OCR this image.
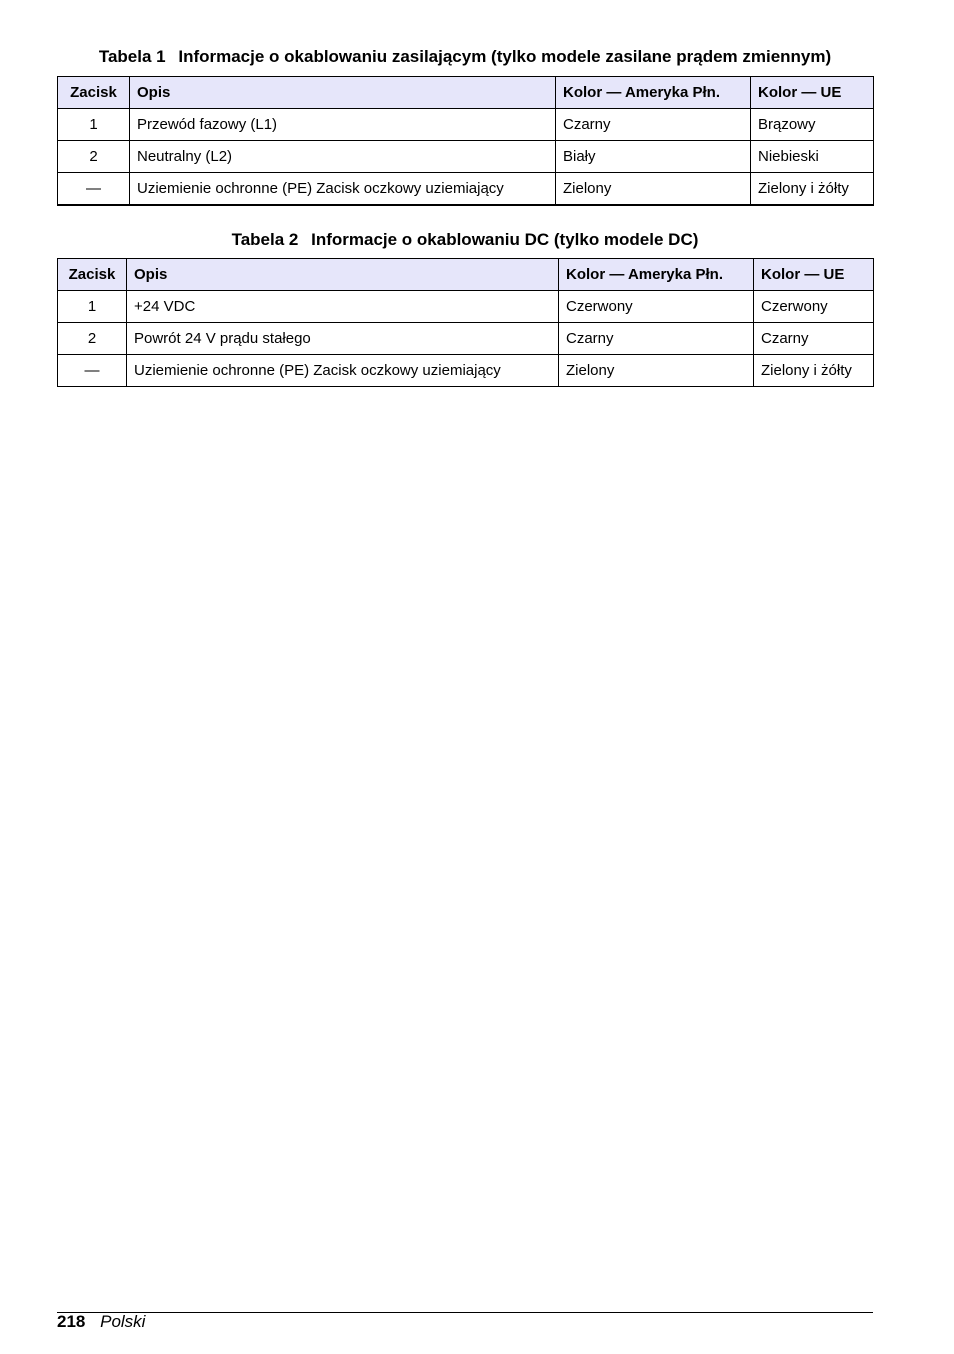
Tabela 1 Informacje o okablowaniu zasilającym (tylko modele zasilane prądem zmiennym)
Zacisk	Opis	Kolor — Ameryka Płn.	Kolor — UE
1	Przewód fazowy (L1)	Czarny	Brązowy
2	Neutralny (L2)	Biały	Niebieski
—	Uziemienie ochronne (PE) Zacisk oczkowy uziemiający	Zielony	Zielony i żółty
Tabela 2 Informacje o okablowaniu DC (tylko modele DC)
Zacisk	Opis	Kolor — Ameryka Płn.	Kolor — UE
1	+24 VDC	Czerwony	Czerwony
2	Powrót 24 V prądu stałego	Czarny	Czarny
—	Uziemienie ochronne (PE) Zacisk oczkowy uziemiający	Zielony	Zielony i żółty
218 Polski
